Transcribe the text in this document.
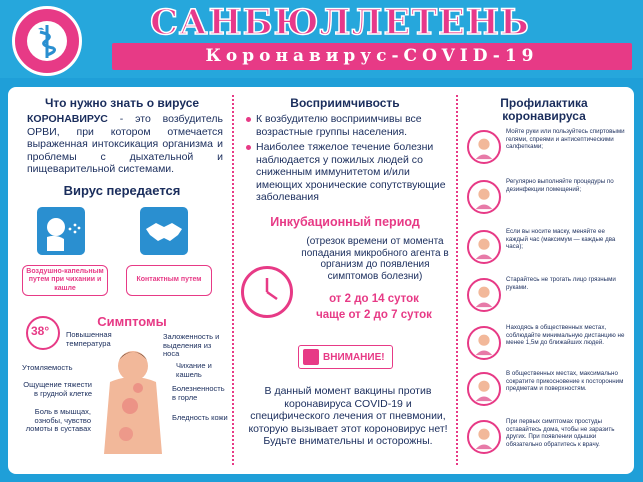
САНБЮЛЛЕТЕНЬ
Коронавирус-COVID-19
Что нужно знать о вирусе
КОРОНАВИРУС - это возбудитель ОРВИ, при котором отмечается выраженная интоксикация организма и проблемы с дыхательной и пищеварительной системами.
Вирус передается
Воздушно-капельным путем при чихании и кашле
Контактным путем
38°
Симптомы
Повышенная температура
Утомляемость
Ощущение тяжести в грудной клетке
Боль в мышцах, ознобы, чувство ломоты в суставах
Заложенность и выделения из носа
Чихание и кашель
Болезненность в горле
Бледность кожи
Восприимчивость
К возбудителю восприимчивы все возрастные группы населения.
Наиболее тяжелое течение болезни наблюдается у пожилых людей со сниженным иммунитетом и/или имеющих хронические сопутствующие заболевания
Инкубационный период
(отрезок времени от момента попадания микробного агента в организм до появления симптомов болезни)
от 2 до 14 суток
чаще от 2 до 7 суток
ВНИМАНИЕ!
В данный момент вакцины против коронавируса COVID-19 и специфического лечения от пневмонии, которую вызывает этот короновирус нет! Будьте внимательны и осторожны.
Профилактика
коронавируса
Мойте руки или пользуйтесь спиртовыми гелями, спреями и антисептическими салфетками;
Регулярно выполняйте процедуры по дезинфекции помещений;
Если вы носите маску, меняйте ее каждый час (максимум — каждые два часа);
Старайтесь не трогать лицо грязными руками.
Находясь в общественных местах, соблюдайте минимальную дистанцию не менее 1,5м до ближайших людей.
В общественных местах, максимально сократите прикосновение к посторонним предметам и поверхностям.
При первых симптомах простуды оставайтесь дома, чтобы не заразить других. При появлении одышки обязательно обратитесь к врачу.
